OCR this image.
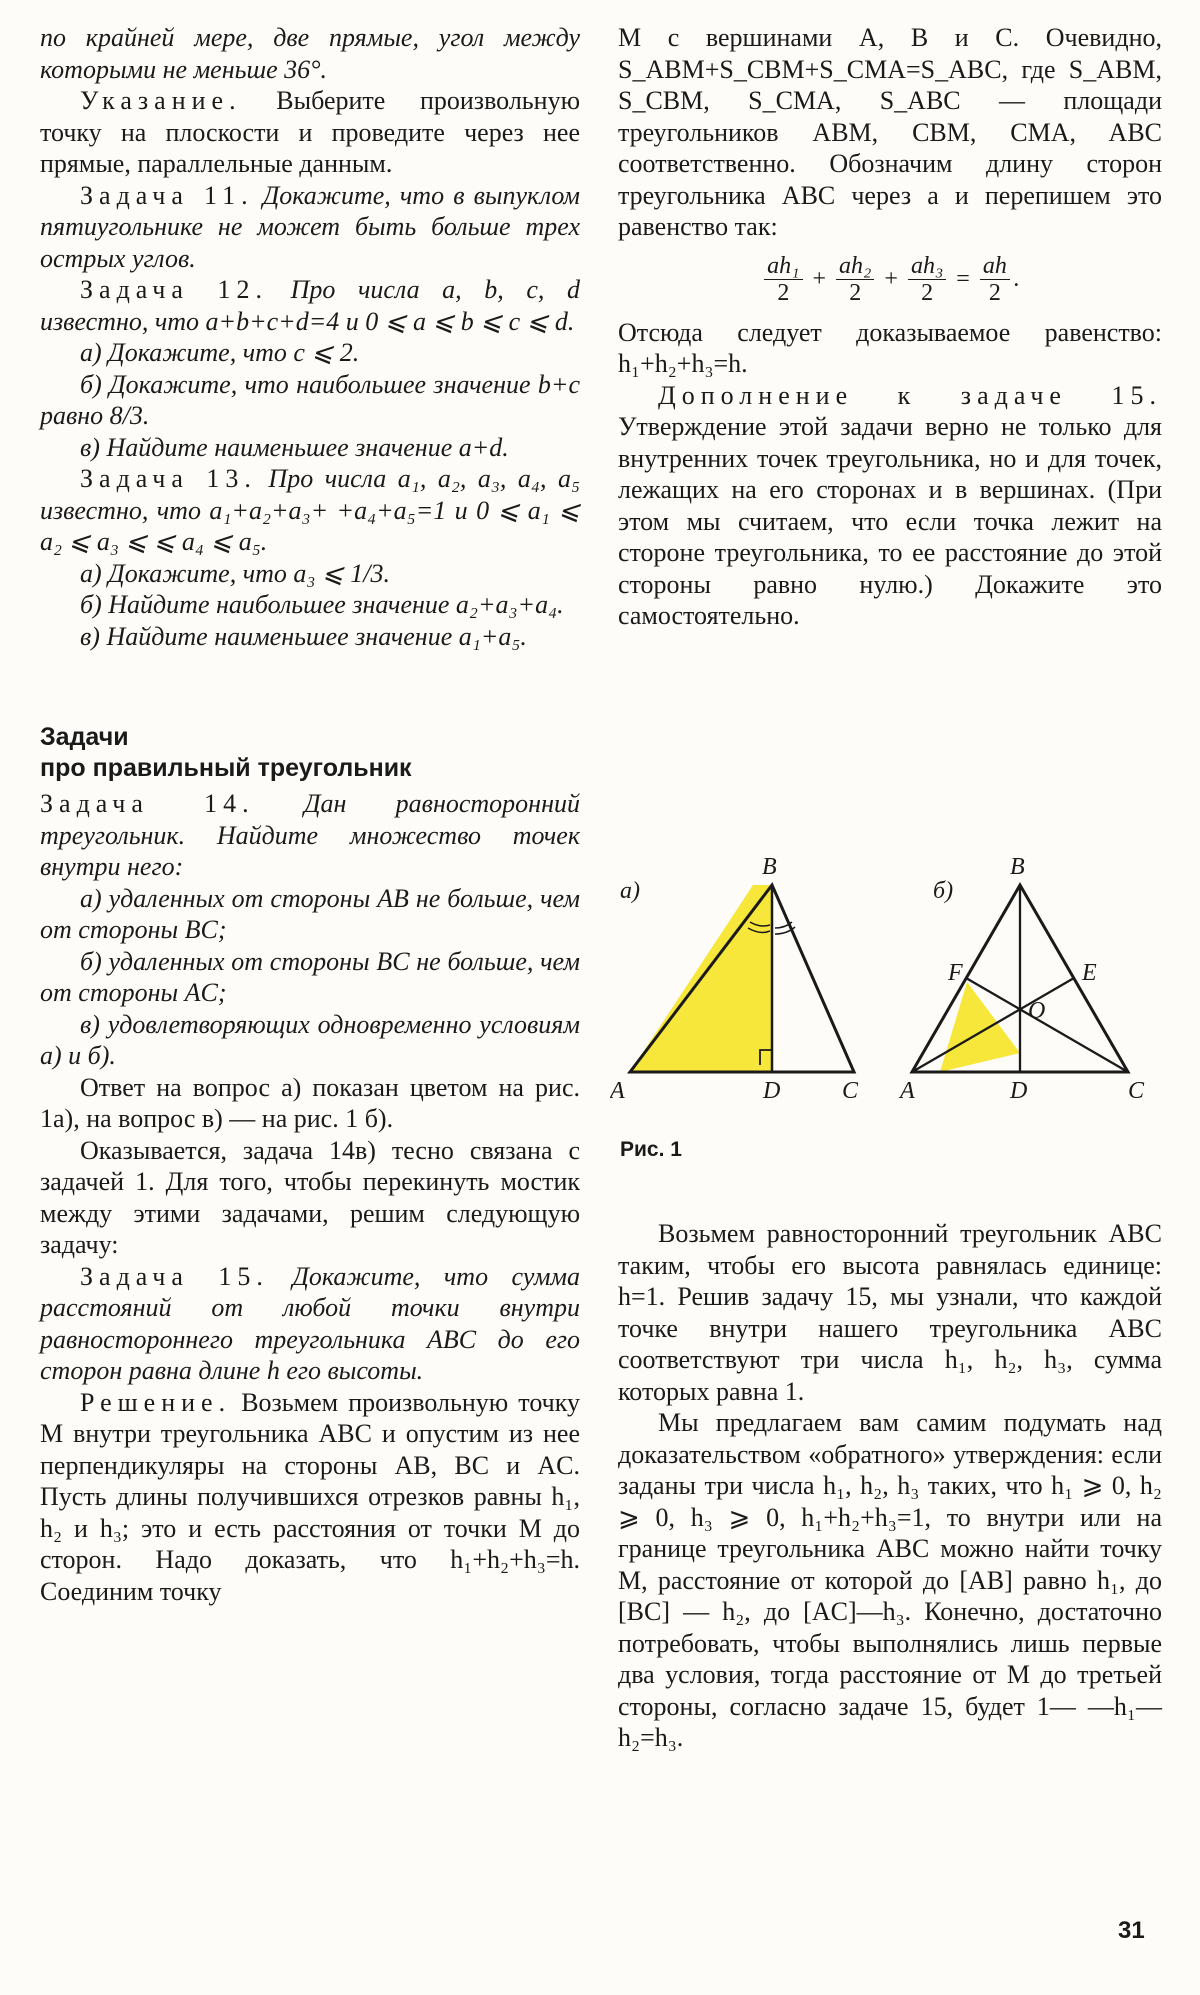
по крайней мере, две прямые, угол между которыми не меньше 36°.

Указание. Выберите произвольную точку на плоскости и проведите через нее прямые, параллельные данным.

Задача 11. Докажите, что в выпуклом пятиугольнике не может быть больше трех острых углов.

Задача 12. Про числа a, b, c, d известно, что a+b+c+d=4 и 0 ⩽ a ⩽ b ⩽ c ⩽ d.

а) Докажите, что c ⩽ 2.

б) Докажите, что наибольшее значение b+c равно 8/3.

в) Найдите наименьшее значение a+d.

Задача 13. Про числа a₁, a₂, a₃, a₄, a₅ известно, что a₁+a₂+a₃+ +a₄+a₅=1 и 0 ⩽ a₁ ⩽ a₂ ⩽ a₃ ⩽ ⩽ a₄ ⩽ a₅.

а) Докажите, что a₃ ⩽ 1/3.

б) Найдите наибольшее значение a₂+a₃+a₄.

в) Найдите наименьшее значение a₁+a₅.

Задачи

про правильный треугольник

Задача 14. Дан равносторонний треугольник. Найдите множество точек внутри него:

а) удаленных от стороны AB не больше, чем от стороны BC;

б) удаленных от стороны BC не больше, чем от стороны AC;

в) удовлетворяющих одновременно условиям а) и б).

Ответ на вопрос а) показан цветом на рис. 1а), на вопрос в) — на рис. 1 б).

Оказывается, задача 14в) тесно связана с задачей 1. Для того, чтобы перекинуть мостик между этими задачами, решим следующую задачу:

Задача 15. Докажите, что сумма расстояний от любой точки внутри равностороннего треугольника ABC до его сторон равна длине h его высоты.

Решение. Возьмем произвольную точку M внутри треугольника ABC и опустим из нее перпендикуляры на стороны AB, BC и AC. Пусть длины получившихся отрезков равны h₁, h₂ и h₃; это и есть расстояния от точки M до сторон. Надо доказать, что h₁+h₂+h₃=h. Соединим точку

M с вершинами A, B и C. Очевидно, S_ABM+S_CBM+S_CMA=S_ABC, где S_ABM, S_CBM, S_CMA, S_ABC — площади треугольников ABM, CBM, CMA, ABC соответственно. Обозначим длину сторон треугольника ABC через a и перепишем это равенство так:

$\frac{\text{ah₁}}{2} + \frac{\text{ah₂}}{2} + \frac{\text{ah₃}}{2} = \frac{ah}{2}$ .

Отсюда следует доказываемое равенство: h₁+h₂+h₃=h.

Дополнение к задаче 15. Утверждение этой задачи верно не только для внутренних точек треугольника, но и для точек, лежащих на его сторонах и в вершинах. (При этом мы считаем, что если точка лежит на стороне треугольника, то ее расстояние до этой стороны равно нулю.) Докажите это самостоятельно.

а)
B
A	D	C
б)
B
F
O
E
A	D	C
Рис. 1

Возьмем равносторонний треугольник ABC таким, чтобы его высота равнялась единице: h=1. Решив задачу 15, мы узнали, что каждой точке внутри нашего треугольника ABC соответствуют три числа h₁, h₂, h₃, сумма которых равна 1.

Мы предлагаем вам самим подумать над доказательством «обратного» утверждения: если заданы три числа h₁, h₂, h₃ таких, что h₁ ⩾ 0, h₂ ⩾ 0, h₃ ⩾ 0, h₁+h₂+h₃=1, то внутри или на границе треугольника ABC можно найти точку M, расстояние от которой до [AB] равно h₁, до [BC] — h₂, до [AC]—h₃. Конечно, достаточно потребовать, чтобы выполнялись лишь первые два условия, тогда расстояние от M до третьей стороны, согласно задаче 15, будет 1— —h₁—h₂=h₃.

31
